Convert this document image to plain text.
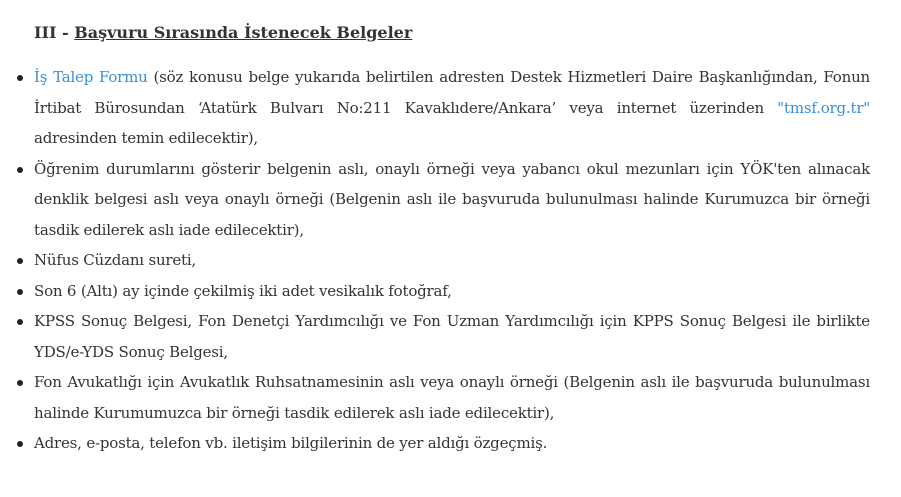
III - Başvuru Sırasında İstenecek Belgeler
İş Talep Formu (söz konusu belge yukarıda belirtilen adresten Destek Hizmetleri Daire Başkanlığından, Fonun İrtibat Bürosundan ‘Atatürk Bulvarı No:211 Kavaklıdere/Ankara’ veya internet üzerinden "tmsf.org.tr" adresinden temin edilecektir),
Öğrenim durumlarını gösterir belgenin aslı, onaylı örneği veya yabancı okul mezunları için YÖK'ten alınacak denklik belgesi aslı veya onaylı örneği (Belgenin aslı ile başvuruda bulunulması halinde Kurumuzca bir örneği tasdik edilerek aslı iade edilecektir),
Nüfus Cüzdanı sureti,
Son 6 (Altı) ay içinde çekilmiş iki adet vesikalık fotoğraf,
KPSS Sonuç Belgesi, Fon Denetçi Yardımcılığı ve Fon Uzman Yardımcılığı için KPPS Sonuç Belgesi ile birlikte YDS/e-YDS Sonuç Belgesi,
Fon Avukatlığı için Avukatlık Ruhsatnamesinin aslı veya onaylı örneği (Belgenin aslı ile başvuruda bulunulması halinde Kurumumuzca bir örneği tasdik edilerek aslı iade edilecektir),
Adres, e-posta, telefon vb. iletişim bilgilerinin de yer aldığı özgeçmiş.
